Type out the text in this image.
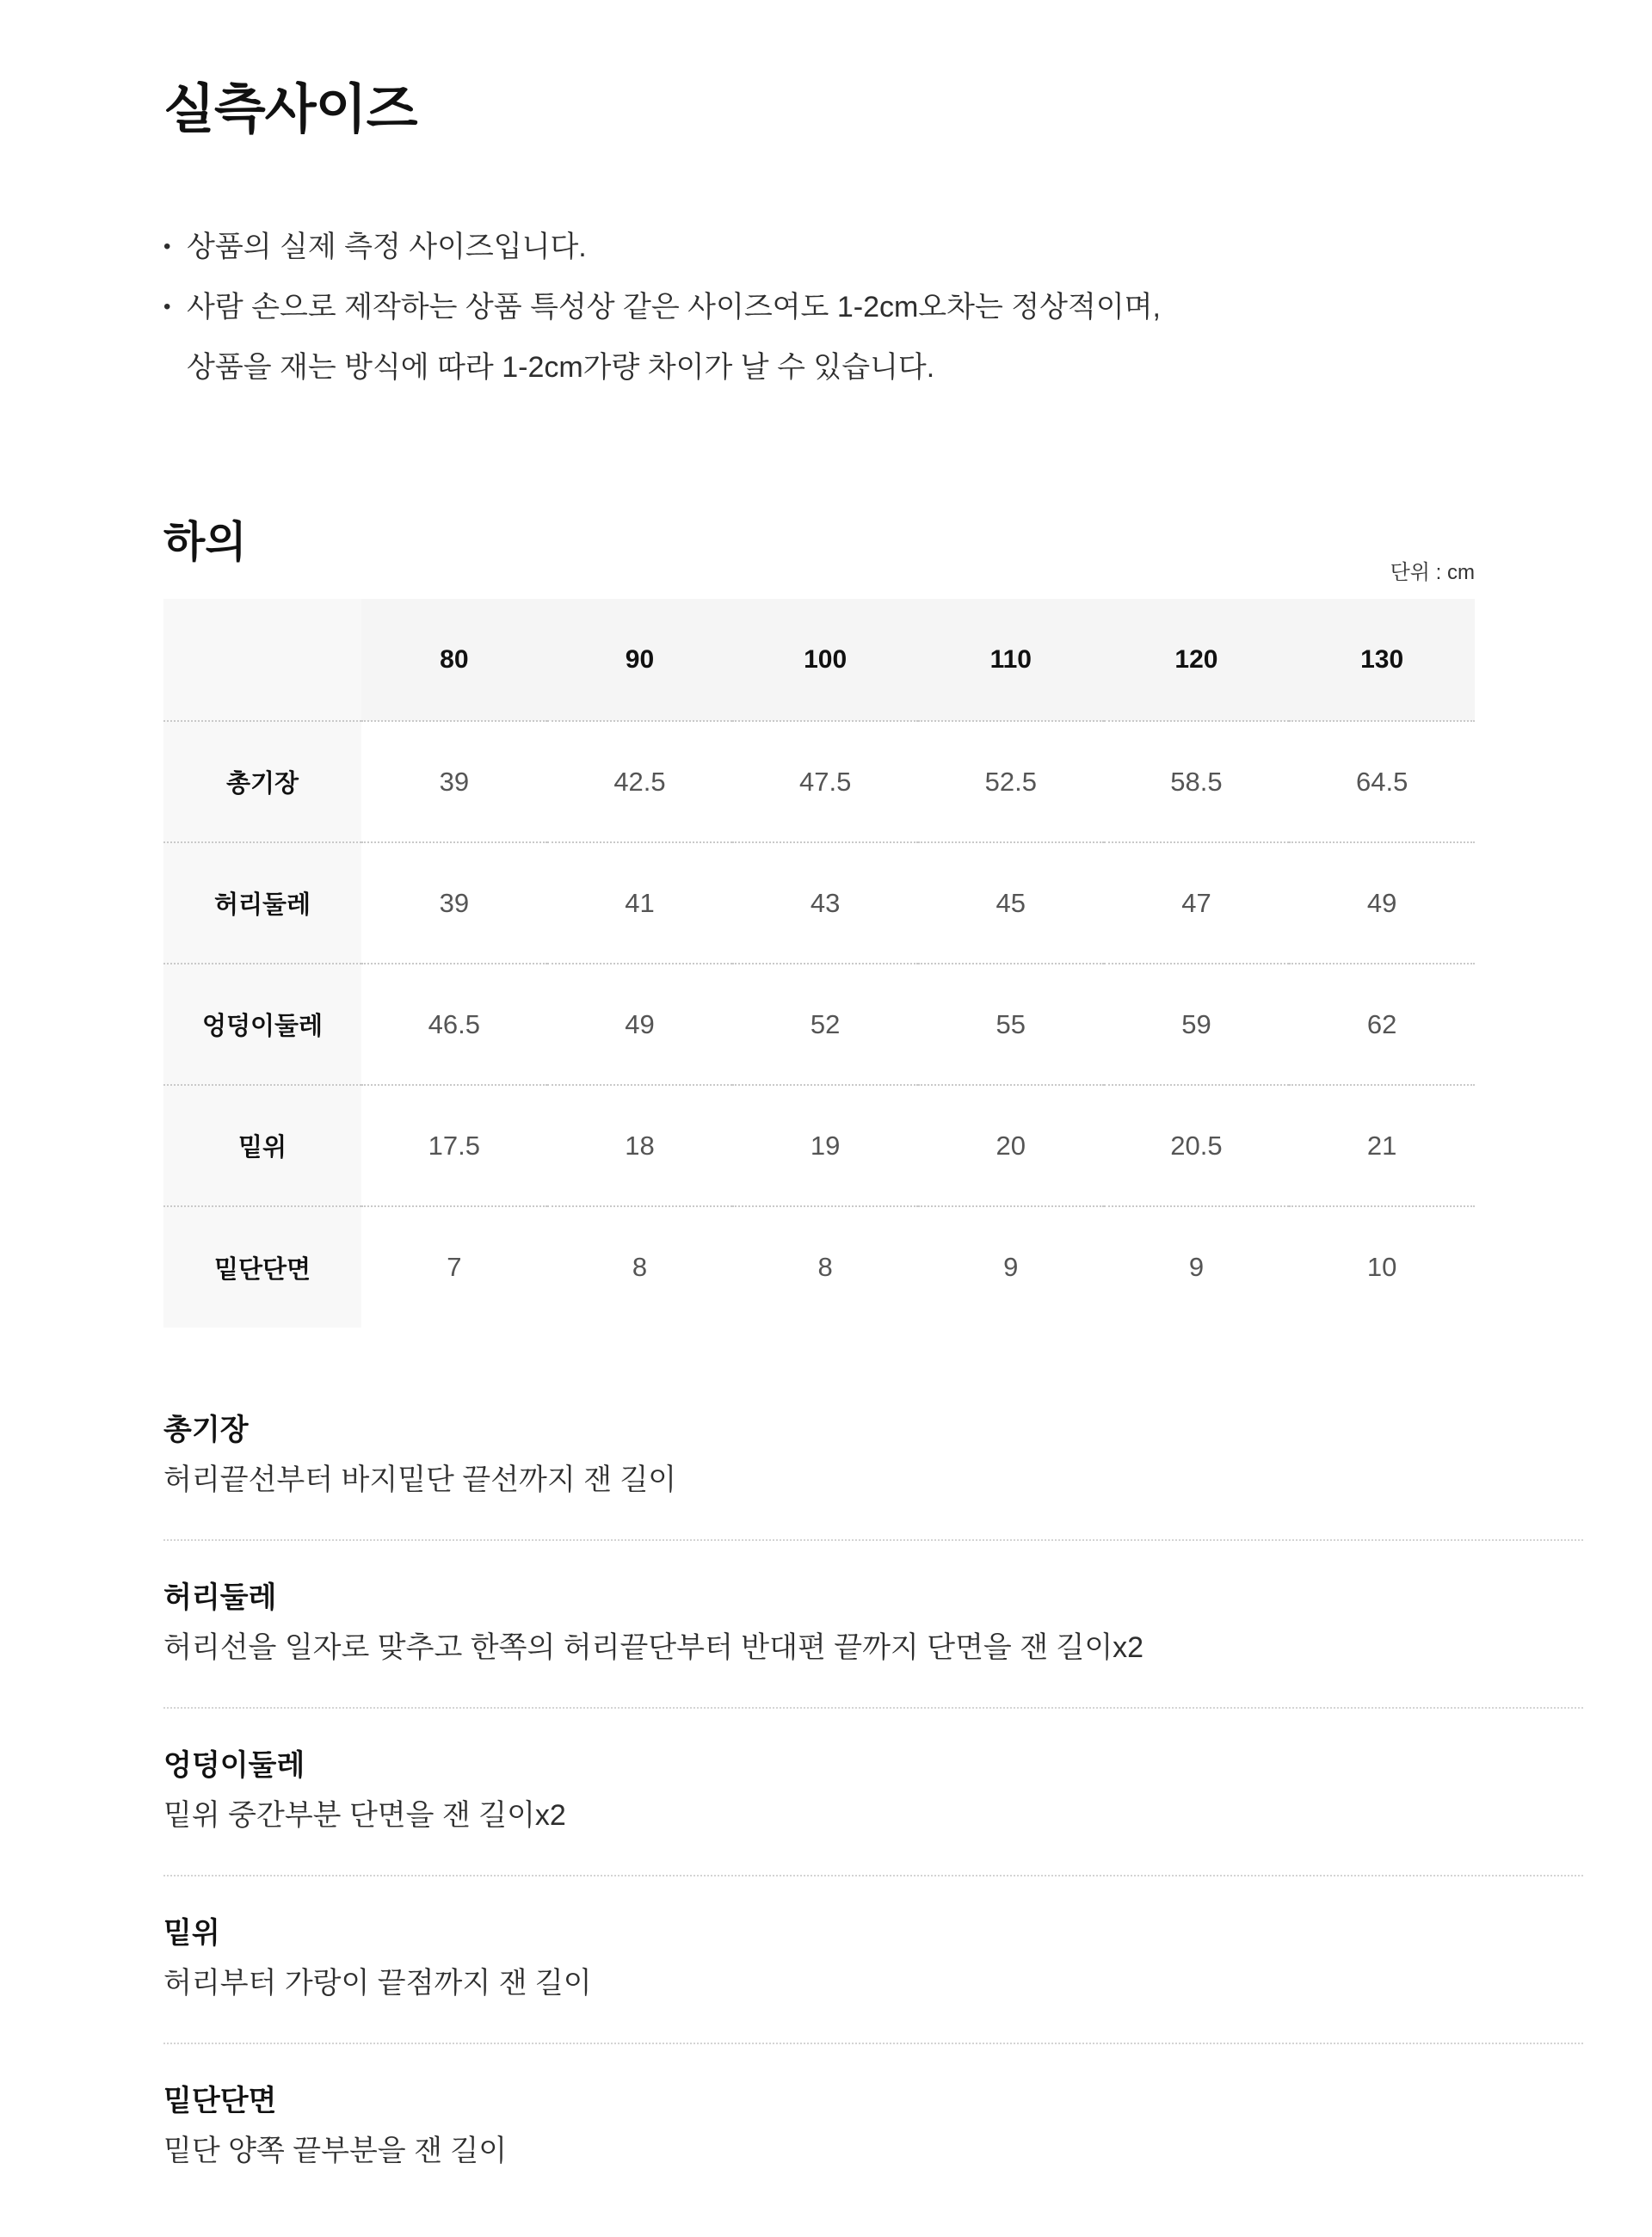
실측사이즈
• 상품의 실제 측정 사이즈입니다.
• 사람 손으로 제작하는 상품 특성상 같은 사이즈여도 1-2cm오차는 정상적이며,
상품을 재는 방식에 따라 1-2cm가량 차이가 날 수 있습니다.
하의
단위 : cm
	80	90	100	110	120	130
총기장	39	42.5	47.5	52.5	58.5	64.5
허리둘레	39	41	43	45	47	49
엉덩이둘레	46.5	49	52	55	59	62
밑위	17.5	18	19	20	20.5	21
밑단단면	7	8	8	9	9	10
총기장

허리끝선부터 바지밑단 끝선까지 잰 길이

허리둘레

허리선을 일자로 맞추고 한쪽의 허리끝단부터 반대편 끝까지 단면을 잰 길이x2

엉덩이둘레

밑위 중간부분 단면을 잰 길이x2

밑위

허리부터 가랑이 끝점까지 잰 길이

밑단단면

밑단 양쪽 끝부분을 잰 길이
